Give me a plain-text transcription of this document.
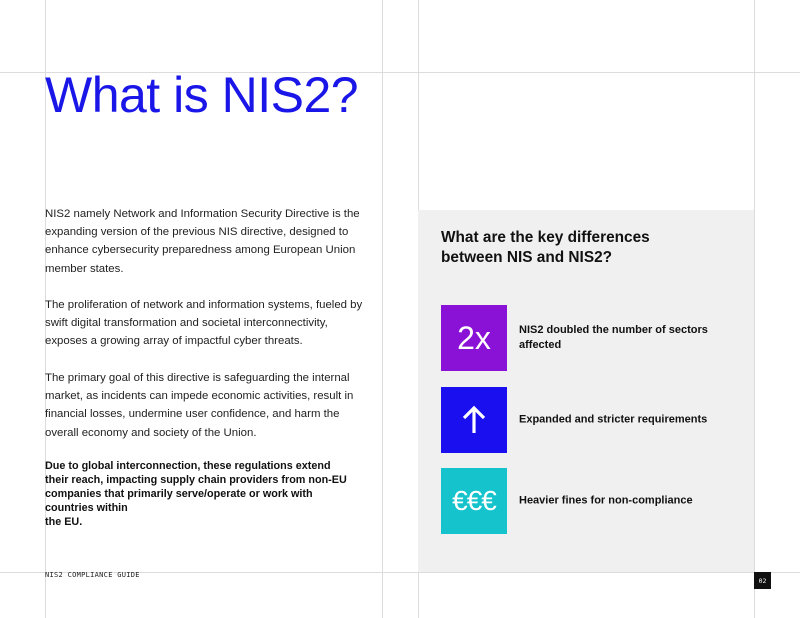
What is NIS2?

NIS2 namely Network and Information Security Directive is the expanding version of the previous NIS directive, designed to enhance cybersecurity preparedness among European Union member states.

The proliferation of network and information systems, fueled by swift digital transformation and societal interconnectivity, exposes a growing array of impactful cyber threats.

The primary goal of this directive is safeguarding the internal market, as incidents can impede economic activities, result in financial losses, undermine user confidence, and harm the overall economy and society of the Union.

Due to global interconnection, these regulations extend their reach, impacting supply chain providers from non-EU companies that primarily serve/operate or work with countries within
the EU.

What are the key differences between NIS and NIS2?
2x	NIS2 doubled the number of sectors affected
Expanded and stricter requirements
€€€ Heavier fines for non-compliance
NIS2 COMPLIANCE GUIDE
02
